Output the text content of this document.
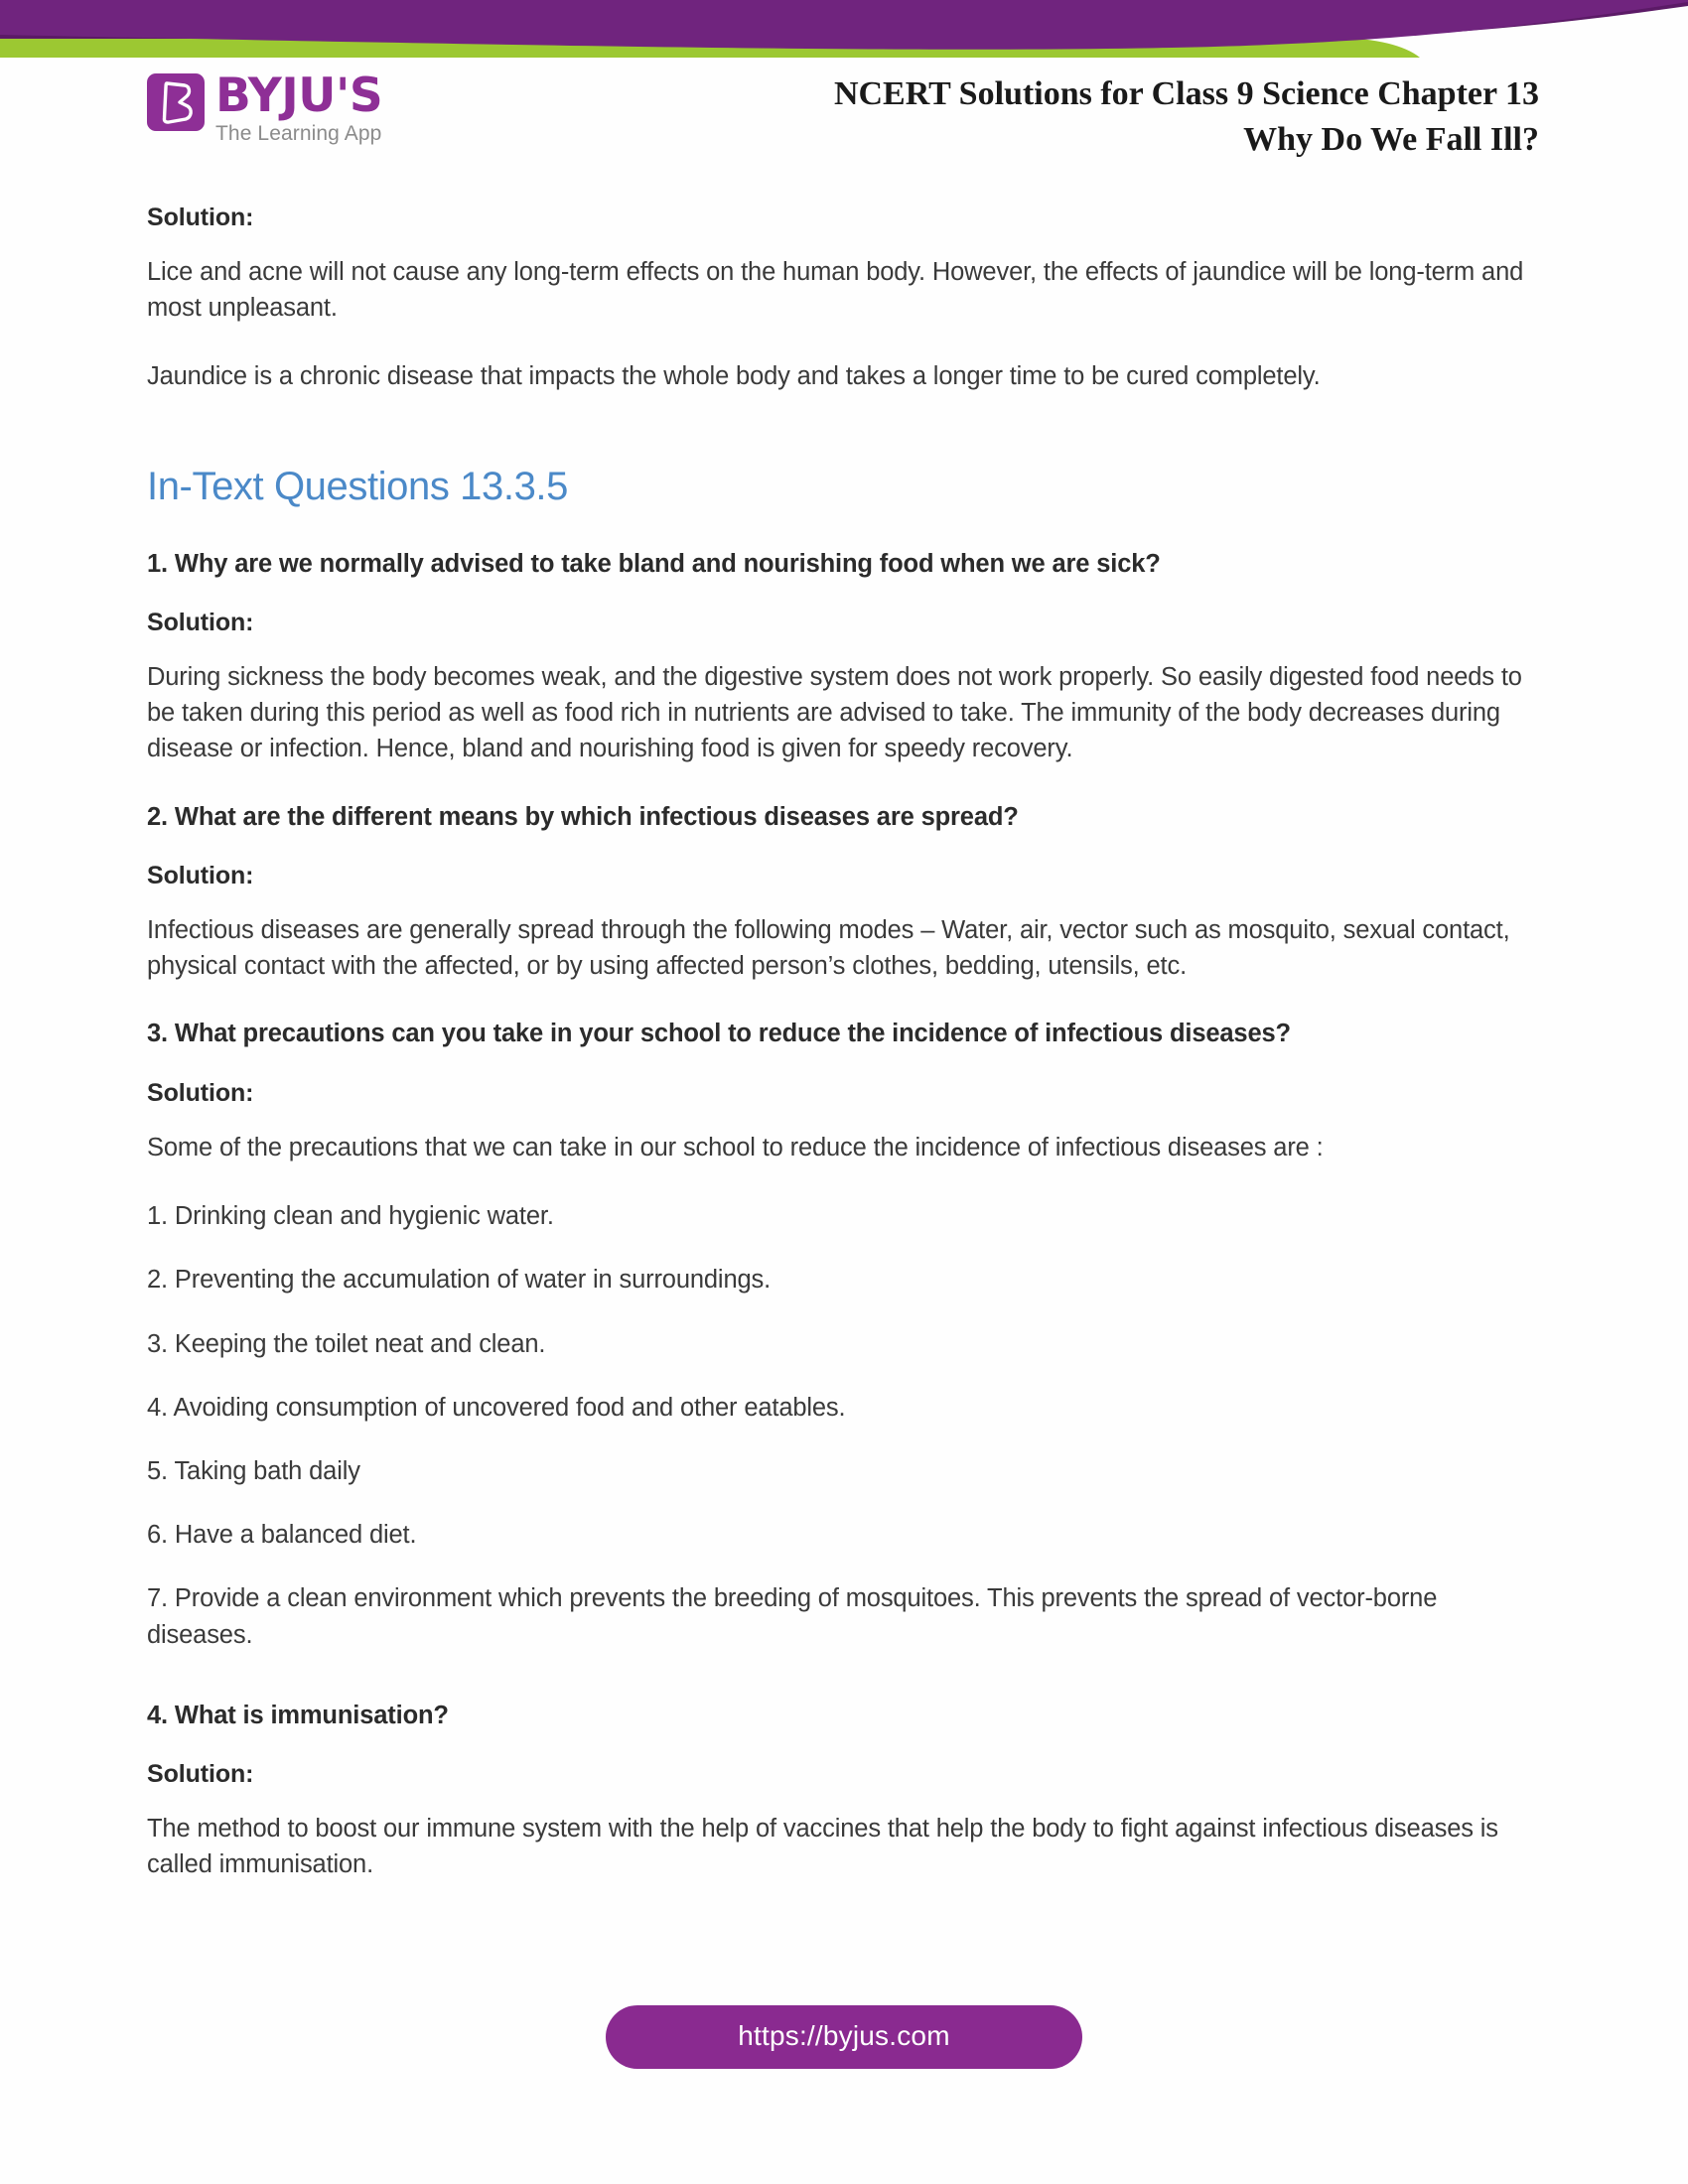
BYJU'S
The Learning App
NCERT Solutions for Class 9 Science Chapter 13
Why Do We Fall Ill?
Solution:

Lice and acne will not cause any long-term effects on the human body. However, the effects of jaundice will be long-term and most unpleasant.

Jaundice is a chronic disease that impacts the whole body and takes a longer time to be cured completely.

In-Text Questions 13.3.5
1. Why are we normally advised to take bland and nourishing food when we are sick?
Solution:

During sickness the body becomes weak, and the digestive system does not work properly. So easily digested food needs to be taken during this period as well as food rich in nutrients are advised to take. The immunity of the body decreases during disease or infection. Hence, bland and nourishing food is given for speedy recovery.

2. What are the different means by which infectious diseases are spread?
Solution:

Infectious diseases are generally spread through the following modes – Water, air, vector such as mosquito, sexual contact, physical contact with the affected, or by using affected person’s clothes, bedding, utensils, etc.

3. What precautions can you take in your school to reduce the incidence of infectious diseases?
Solution:

Some of the precautions that we can take in our school to reduce the incidence of infectious diseases are :

1. Drinking clean and hygienic water.
2. Preventing the accumulation of water in surroundings.
3. Keeping the toilet neat and clean.
4. Avoiding consumption of uncovered food and other eatables.
5. Taking bath daily
6. Have a balanced diet.
7. Provide a clean environment which prevents the breeding of mosquitoes. This prevents the spread of vector-borne diseases.
4. What is immunisation?
Solution:

The method to boost our immune system with the help of vaccines that help the body to fight against infectious diseases is called immunisation.

https://byjus.com
